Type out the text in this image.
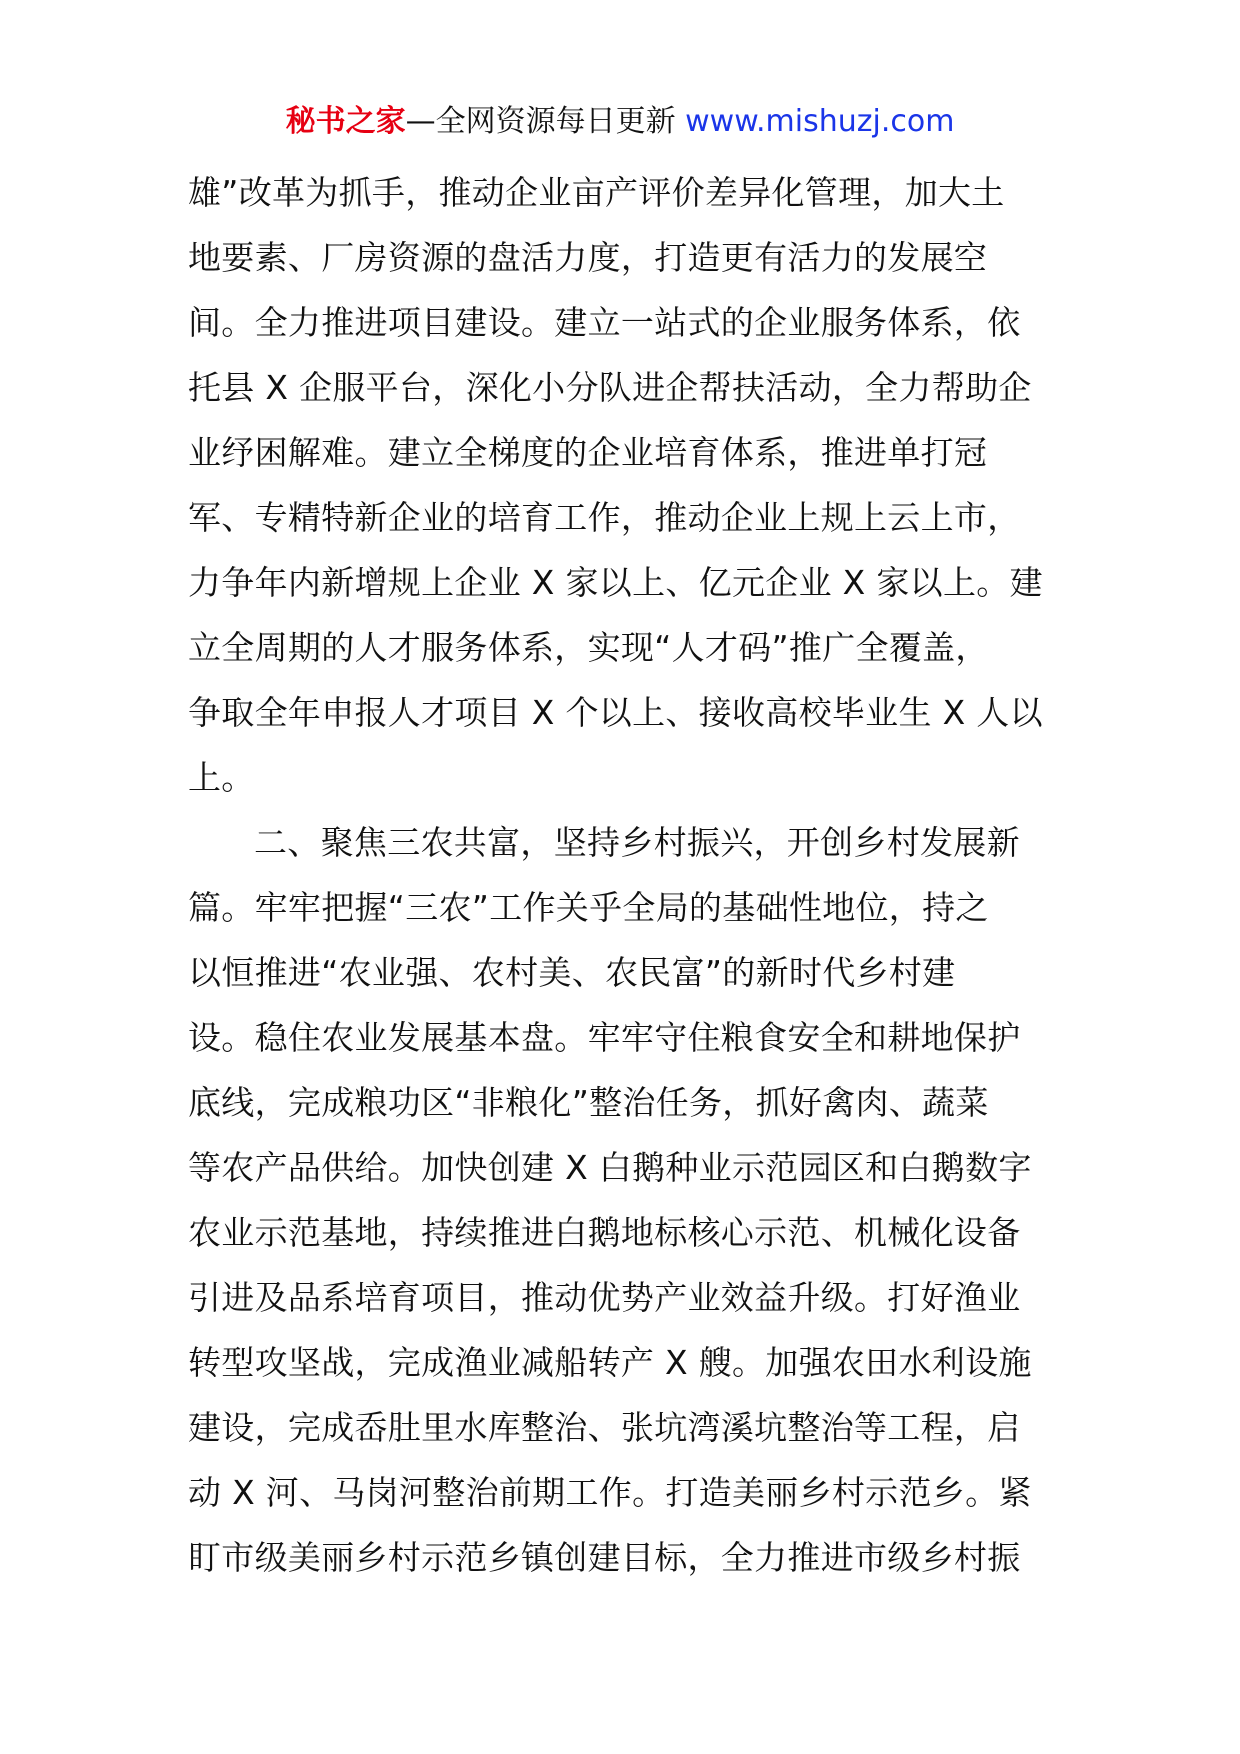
秘书之家—全网资源每日更新 www.mishuzj.com
雄”改革为抓手，推动企业亩产评价差异化管理，加大土
地要素、厂房资源的盘活力度，打造更有活力的发展空
间。全力推进项目建设。建立一站式的企业服务体系，依
托县 X 企服平台，深化小分队进企帮扶活动，全力帮助企
业纾困解难。建立全梯度的企业培育体系，推进单打冠
军、专精特新企业的培育工作，推动企业上规上云上市，
力争年内新增规上企业 X 家以上、亿元企业 X 家以上。建
立全周期的人才服务体系，实现“人才码”推广全覆盖，
争取全年申报人才项目 X 个以上、接收高校毕业生 X 人以
上。
二、聚焦三农共富，坚持乡村振兴，开创乡村发展新
篇。牢牢把握“三农”工作关乎全局的基础性地位，持之
以恒推进“农业强、农村美、农民富”的新时代乡村建
设。稳住农业发展基本盘。牢牢守住粮食安全和耕地保护
底线，完成粮功区“非粮化”整治任务，抓好禽肉、蔬菜
等农产品供给。加快创建 X 白鹅种业示范园区和白鹅数字
农业示范基地，持续推进白鹅地标核心示范、机械化设备
引进及品系培育项目，推动优势产业效益升级。打好渔业
转型攻坚战，完成渔业减船转产 X 艘。加强农田水利设施
建设，完成岙肚里水库整治、张坑湾溪坑整治等工程，启
动 X 河、马岗河整治前期工作。打造美丽乡村示范乡。紧
盯市级美丽乡村示范乡镇创建目标，全力推进市级乡村振
